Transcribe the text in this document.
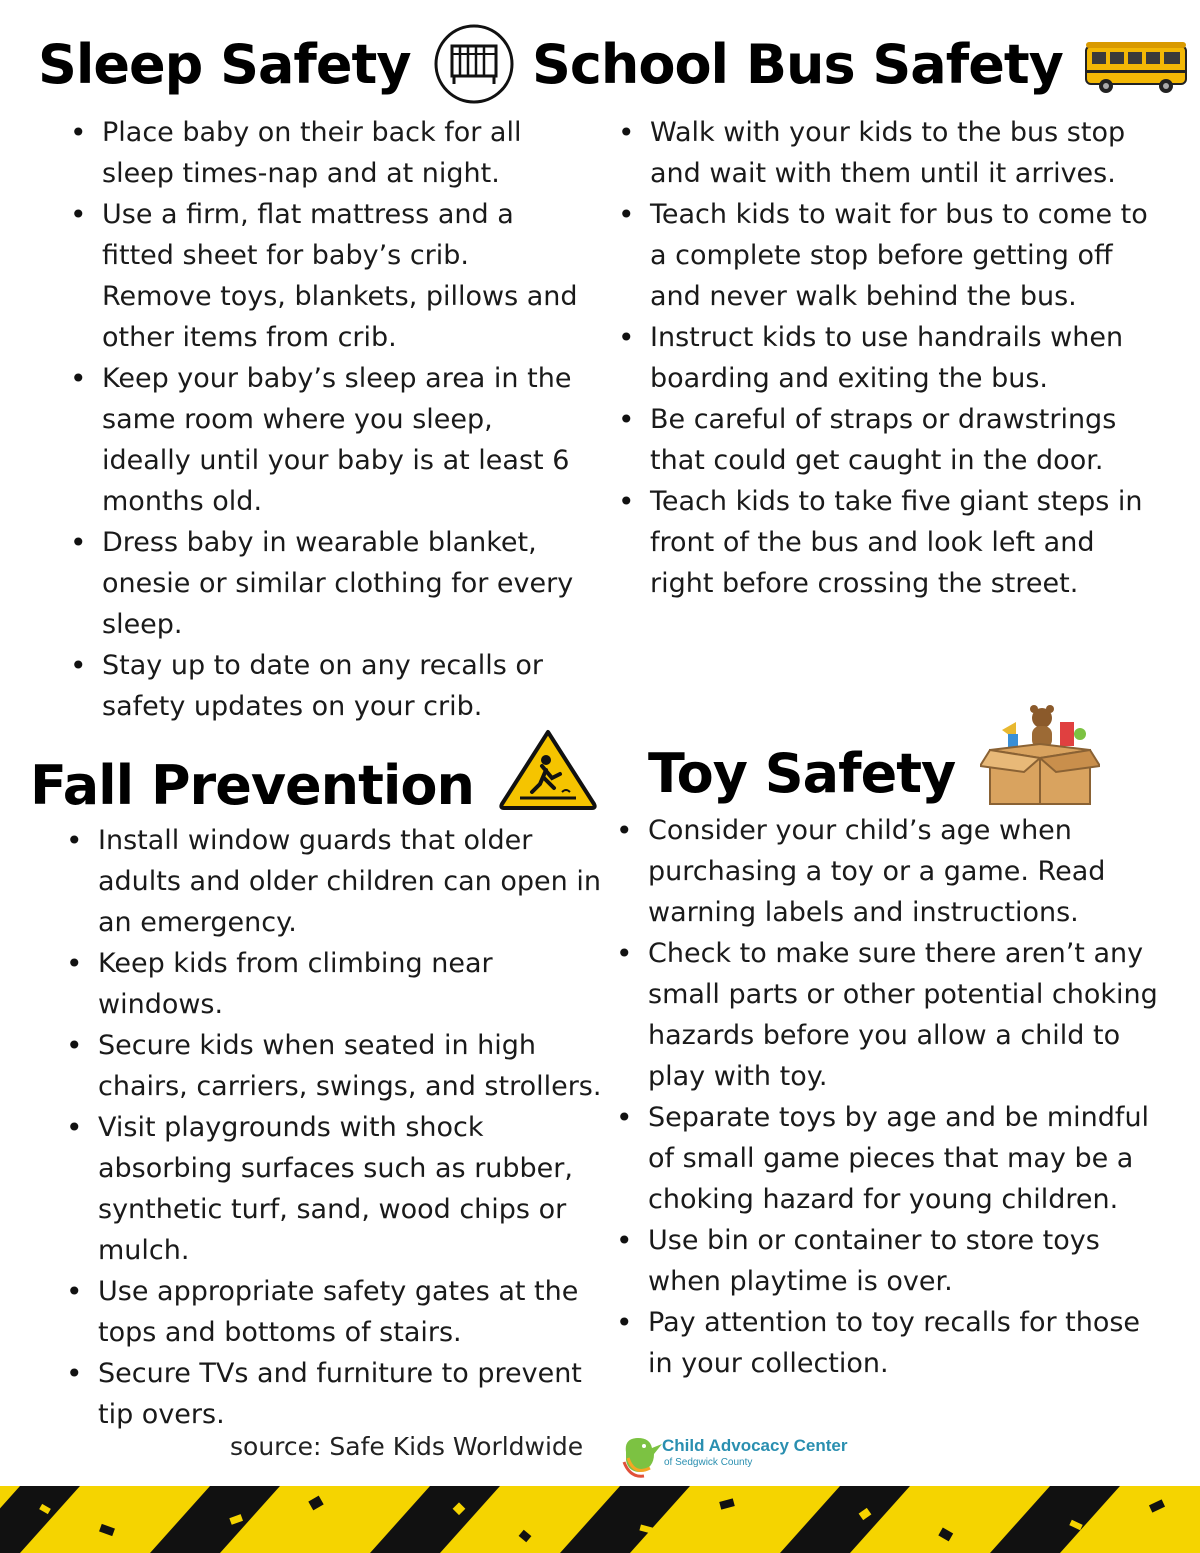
Sleep Safety
• Place baby on their back for all sleep times-nap and at night.
• Use a firm, flat mattress and a fitted sheet for baby’s crib. Remove toys, blankets, pillows and other items from crib.
• Keep your baby’s sleep area in the same room where you sleep, ideally until your baby is at least 6 months old.
• Dress baby in wearable blanket, onesie or similar clothing for every sleep.
• Stay up to date on any recalls or safety updates on your crib.
School Bus Safety
• Walk with your kids to the bus stop and wait with them until it arrives.
• Teach kids to wait for bus to come to a complete stop before getting off and never walk behind the bus.
• Instruct kids to use handrails when boarding and exiting the bus.
• Be careful of straps or drawstrings that could get caught in the door.
• Teach kids to take five giant steps in front of the bus and look left and right before crossing the street.
Fall Prevention
• Install window guards that older adults and older children can open in an emergency.
• Keep kids from climbing near windows.
• Secure kids when seated in high chairs, carriers, swings, and strollers.
• Visit playgrounds with shock absorbing surfaces such as rubber, synthetic turf, sand, wood chips or mulch.
• Use appropriate safety gates at the tops and bottoms of stairs.
• Secure TVs and furniture to prevent tip overs.
Toy Safety
• Consider your child’s age when purchasing a toy or a game. Read warning labels and instructions.
• Check to make sure there aren’t any small parts or other potential choking hazards before you allow a child to play with toy.
• Separate toys by age and be mindful of small game pieces that may be a choking hazard for young children.
• Use bin or container to store toys when playtime is over.
• Pay attention to toy recalls for those in your collection.
source: Safe Kids Worldwide	Child Advocacy Center
of Sedgwick County
